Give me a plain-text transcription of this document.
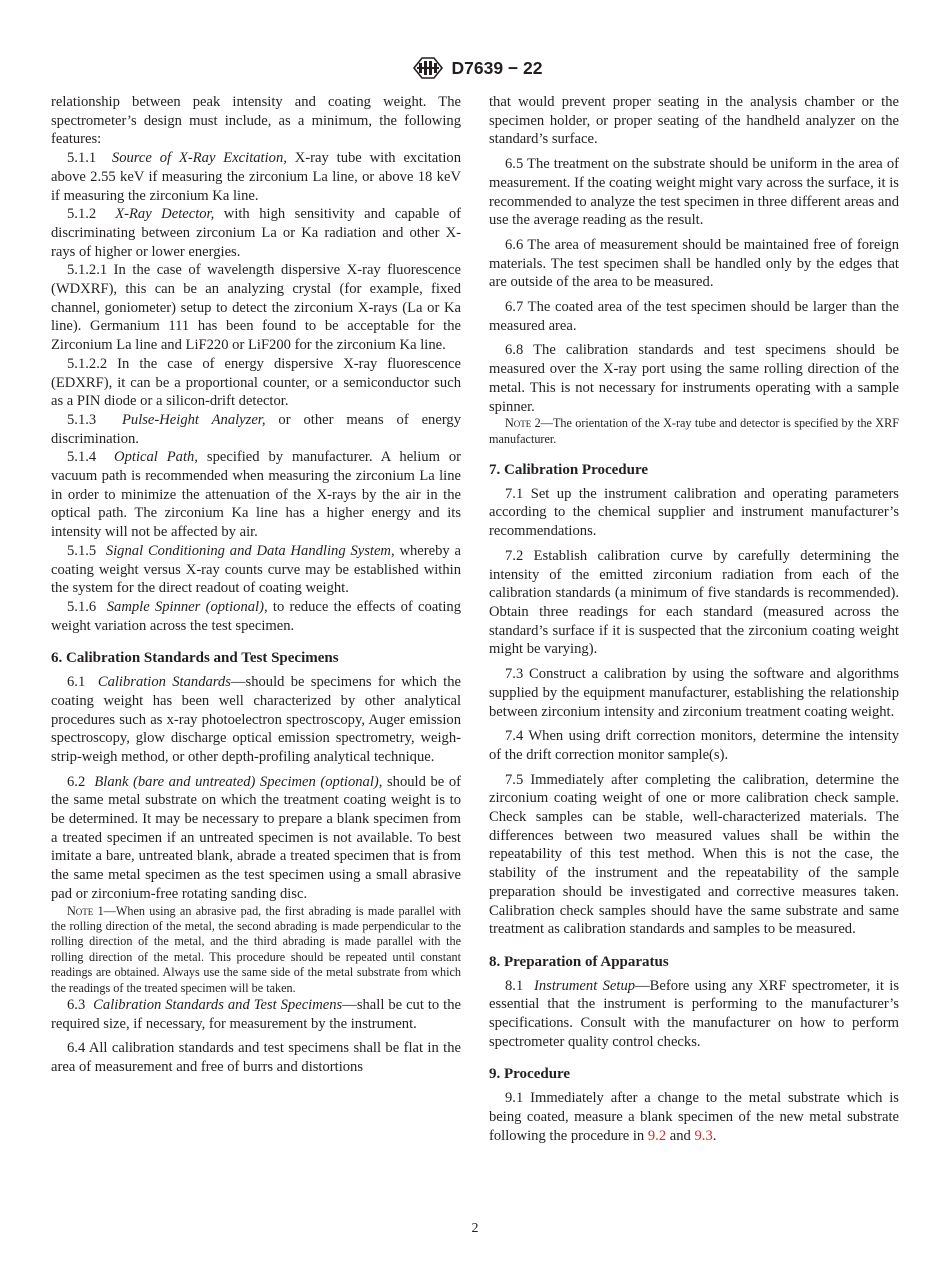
D7639 − 22

relationship between peak intensity and coating weight. The spectrometer’s design must include, as a minimum, the following features:

5.1.1 Source of X-Ray Excitation, X-ray tube with excitation above 2.55 keV if measuring the zirconium La line, or above 18 keV if measuring the zirconium Ka line.

5.1.2 X-Ray Detector, with high sensitivity and capable of discriminating between zirconium La or Ka radiation and other X-rays of higher or lower energies.

5.1.2.1 In the case of wavelength dispersive X-ray fluorescence (WDXRF), this can be an analyzing crystal (for example, fixed channel, goniometer) setup to detect the zirconium X-rays (La or Ka line). Germanium 111 has been found to be acceptable for the Zirconium La line and LiF220 or LiF200 for the zirconium Ka line.

5.1.2.2 In the case of energy dispersive X-ray fluorescence (EDXRF), it can be a proportional counter, or a semiconductor such as a PIN diode or a silicon-drift detector.

5.1.3 Pulse-Height Analyzer, or other means of energy discrimination.

5.1.4 Optical Path, specified by manufacturer. A helium or vacuum path is recommended when measuring the zirconium La line in order to minimize the attenuation of the X-rays by the air in the optical path. The zirconium Ka line has a higher energy and its intensity will not be affected by air.

5.1.5 Signal Conditioning and Data Handling System, whereby a coating weight versus X-ray counts curve may be established within the system for the direct readout of coating weight.

5.1.6 Sample Spinner (optional), to reduce the effects of coating weight variation across the test specimen.

6. Calibration Standards and Test Specimens

6.1 Calibration Standards—should be specimens for which the coating weight has been well characterized by other analytical procedures such as x-ray photoelectron spectroscopy, Auger emission spectroscopy, glow discharge optical emission spectrometry, weigh-strip-weigh method, or other depth-profiling analytical technique.

6.2 Blank (bare and untreated) Specimen (optional), should be of the same metal substrate on which the treatment coating weight is to be determined. It may be necessary to prepare a blank specimen from a treated specimen if an untreated specimen is not available. To best imitate a bare, untreated blank, abrade a treated specimen that is from the same metal specimen as the test specimen using a small abrasive pad or zirconium-free rotating sanding disc.

Note 1—When using an abrasive pad, the first abrading is made parallel with the rolling direction of the metal, the second abrading is made perpendicular to the rolling direction of the metal, and the third abrading is made parallel with the rolling direction of the metal. This procedure should be repeated until constant readings are obtained. Always use the same side of the metal substrate from which the readings of the treated specimen will be taken.

6.3 Calibration Standards and Test Specimens—shall be cut to the required size, if necessary, for measurement by the instrument.

6.4 All calibration standards and test specimens shall be flat in the area of measurement and free of burrs and distortions

that would prevent proper seating in the analysis chamber or the specimen holder, or proper seating of the handheld analyzer on the standard’s surface.

6.5 The treatment on the substrate should be uniform in the area of measurement. If the coating weight might vary across the surface, it is recommended to analyze the test specimen in three different areas and use the average reading as the result.

6.6 The area of measurement should be maintained free of foreign materials. The test specimen shall be handled only by the edges that are outside of the area to be measured.

6.7 The coated area of the test specimen should be larger than the measured area.

6.8 The calibration standards and test specimens should be measured over the X-ray port using the same rolling direction of the metal. This is not necessary for instruments operating with a sample spinner.

Note 2—The orientation of the X-ray tube and detector is specified by the XRF manufacturer.

7. Calibration Procedure

7.1 Set up the instrument calibration and operating parameters according to the chemical supplier and instrument manufacturer’s recommendations.

7.2 Establish calibration curve by carefully determining the intensity of the emitted zirconium radiation from each of the calibration standards (a minimum of five standards is recommended). Obtain three readings for each standard (measured across the standard’s surface if it is suspected that the zirconium coating weight might be varying).

7.3 Construct a calibration by using the software and algorithms supplied by the equipment manufacturer, establishing the relationship between zirconium intensity and zirconium treatment coating weight.

7.4 When using drift correction monitors, determine the intensity of the drift correction monitor sample(s).

7.5 Immediately after completing the calibration, determine the zirconium coating weight of one or more calibration check sample. Check samples can be stable, well-characterized materials. The differences between two measured values shall be within the repeatability of this test method. When this is not the case, the stability of the instrument and the repeatability of the sample preparation should be investigated and corrective measures taken. Calibration check samples should have the same substrate and same treatment as calibration standards and samples to be measured.

8. Preparation of Apparatus

8.1 Instrument Setup—Before using any XRF spectrometer, it is essential that the instrument is performing to the manufacturer’s specifications. Consult with the manufacturer on how to perform spectrometer quality control checks.

9. Procedure

9.1 Immediately after a change to the metal substrate which is being coated, measure a blank specimen of the new metal substrate following the procedure in 9.2 and 9.3.

2
